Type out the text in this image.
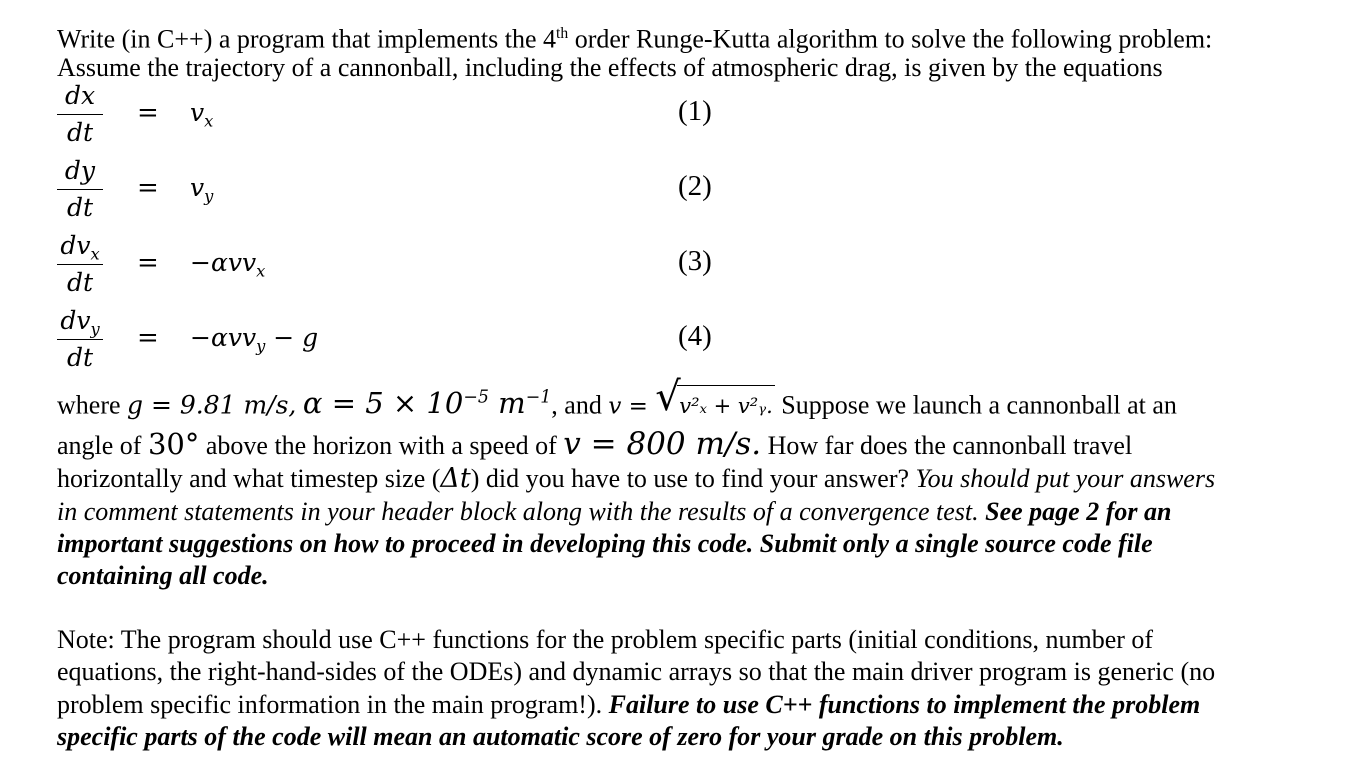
Write (in C++) a program that implements the 4th order Runge-Kutta algorithm to solve the following problem:
Assume the trajectory of a cannonball, including the effects of atmospheric drag, is given by the equations
dx
dt
= $v_x$	(1)
dy
dt
= $v_y$	(2)
$dv_x$
dt
= −αvv$_x$	(3)
$dv_y$
dt
= −αvv$_y$ − g	(4)
where g = 9.81 m/s, $\alpha = 5 \times 10^{-5}$ $m^{-1}$, and v = √
v²ₓ + v²ᵧ. Suppose we launch a cannonball at an
angle of 30° above the horizon with a speed of v = 800 m/s. How far does the cannonball travel
horizontally and what timestep size (Δt) did you have to use to find your answer? You should put your answers
in comment statements in your header block along with the results of a convergence test. See page 2 for an
important suggestions on how to proceed in developing this code. Submit only a single source code file
containing all code.
Note: The program should use C++ functions for the problem specific parts (initial conditions, number of
equations, the right-hand-sides of the ODEs) and dynamic arrays so that the main driver program is generic (no
problem specific information in the main program!). Failure to use C++ functions to implement the problem
specific parts of the code will mean an automatic score of zero for your grade on this problem.
